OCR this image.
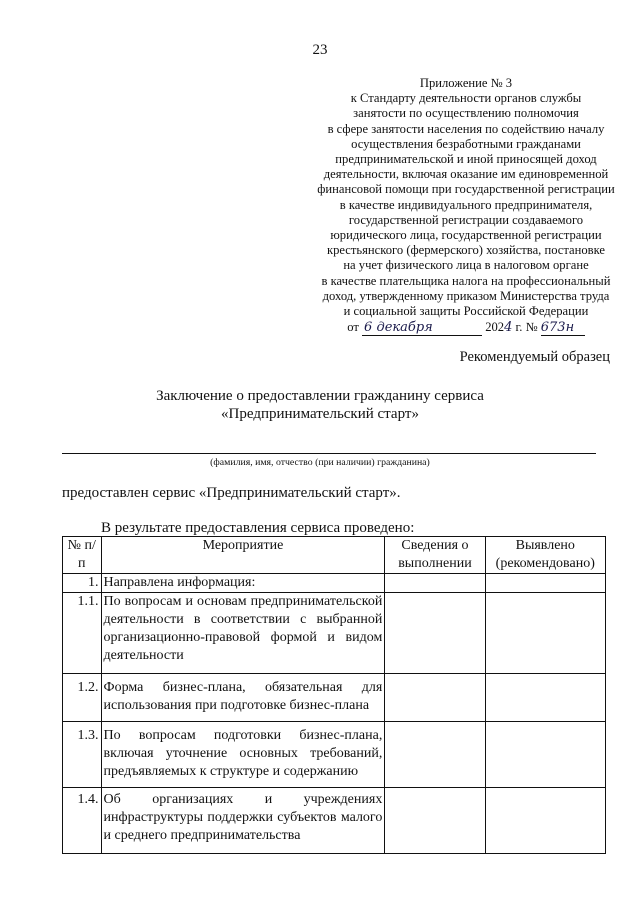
23
Приложение № 3
к Стандарту деятельности органов службы
занятости по осуществлению полномочия
в сфере занятости населения по содействию началу
осуществления безработными гражданами
предпринимательской и иной приносящей доход
деятельности, включая оказание им единовременной
финансовой помощи при государственной регистрации
в качестве индивидуального предпринимателя,
государственной регистрации создаваемого
юридического лица, государственной регистрации
крестьянского (фермерского) хозяйства, постановке
на учет физического лица в налоговом органе
в качестве плательщика налога на профессиональный
доход, утвержденному приказом Министерства труда
и социальной защиты Российской Федерации
от 6 декабря	2024 г. № 673н
Рекомендуемый образец
Заключение о предоставлении гражданину сервиса
«Предпринимательский старт»
(фамилия, имя, отчество (при наличии) гражданина)
предоставлен сервис «Предпринимательский старт».
В результате предоставления сервиса проведено:
№ п/п	Мероприятие	Сведения о выполнении	Выявлено (рекомендовано)
1.	Направлена информация:		
1.1.	По вопросам и основам предпринимательской деятельности в соответствии с выбранной организационно-правовой формой и видом деятельности		
1.2.	Форма бизнес-плана, обязательная для использования при подготовке бизнес-плана		
1.3.	По вопросам подготовки бизнес-плана, включая уточнение основных требований, предъявляемых к структуре и содержанию		
1.4.	Об организациях и учреждениях инфраструктуры поддержки субъектов малого и среднего предпринимательства		
